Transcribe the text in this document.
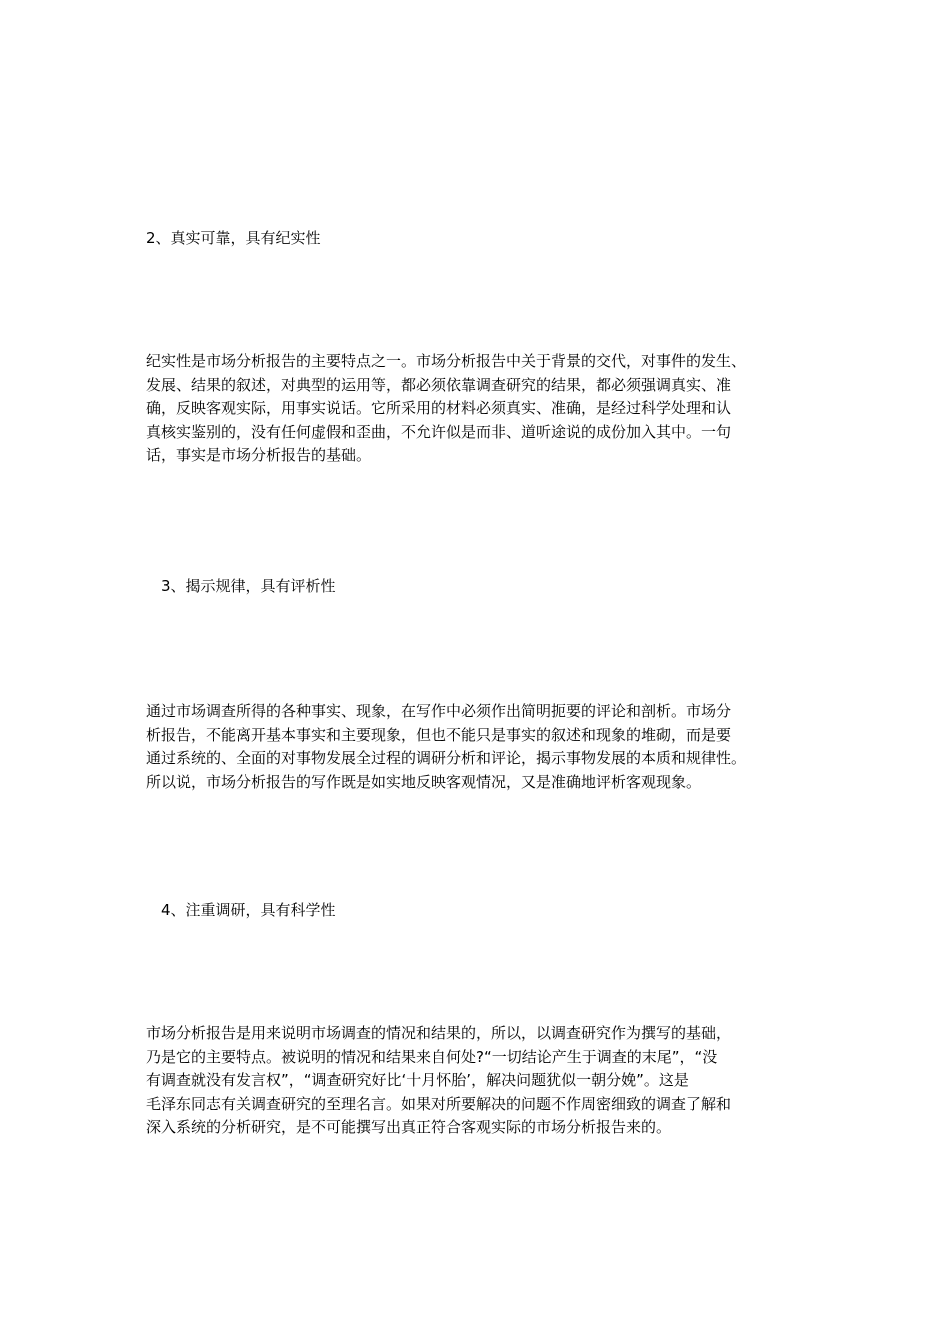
2、真实可靠，具有纪实性
纪实性是市场分析报告的主要特点之一。市场分析报告中关于背景的交代，对事件的发生、
发展、结果的叙述，对典型的运用等，都必须依靠调查研究的结果，都必须强调真实、准
确，反映客观实际，用事实说话。它所采用的材料必须真实、准确，是经过科学处理和认
真核实鉴别的，没有任何虚假和歪曲，不允许似是而非、道听途说的成份加入其中。一句
话，事实是市场分析报告的基础。
3、揭示规律，具有评析性
通过市场调查所得的各种事实、现象，在写作中必须作出简明扼要的评论和剖析。市场分
析报告，不能离开基本事实和主要现象，但也不能只是事实的叙述和现象的堆砌，而是要
通过系统的、全面的对事物发展全过程的调研分析和评论，揭示事物发展的本质和规律性。
所以说，市场分析报告的写作既是如实地反映客观情况，又是准确地评析客观现象。
4、注重调研，具有科学性
市场分析报告是用来说明市场调查的情况和结果的，所以，以调查研究作为撰写的基础，
乃是它的主要特点。被说明的情况和结果来自何处?“一切结论产生于调查的末尾”，“没
有调查就没有发言权”，“调查研究好比‘十月怀胎’，解决问题犹似一朝分娩”。这是
毛泽东同志有关调查研究的至理名言。如果对所要解决的问题不作周密细致的调查了解和
深入系统的分析研究，是不可能撰写出真正符合客观实际的市场分析报告来的。
